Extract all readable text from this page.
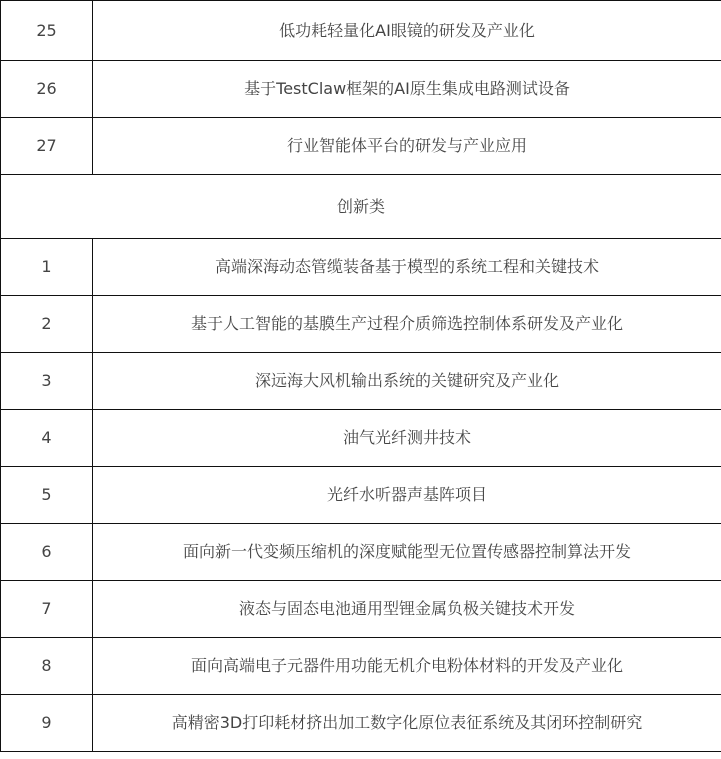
25	低功耗轻量化AI眼镜的研发及产业化
26	基于TestClaw框架的AI原生集成电路测试设备
27	行业智能体平台的研发与产业应用
创新类	
1	高端深海动态管缆装备基于模型的系统工程和关键技术
2	基于人工智能的基膜生产过程介质筛选控制体系研发及产业化
3	深远海大风机输出系统的关键研究及产业化
4	油气光纤测井技术
5	光纤水听器声基阵项目
6	面向新一代变频压缩机的深度赋能型无位置传感器控制算法开发
7	液态与固态电池通用型锂金属负极关键技术开发
8	面向高端电子元器件用功能无机介电粉体材料的开发及产业化
9	高精密3D打印耗材挤出加工数字化原位表征系统及其闭环控制研究
